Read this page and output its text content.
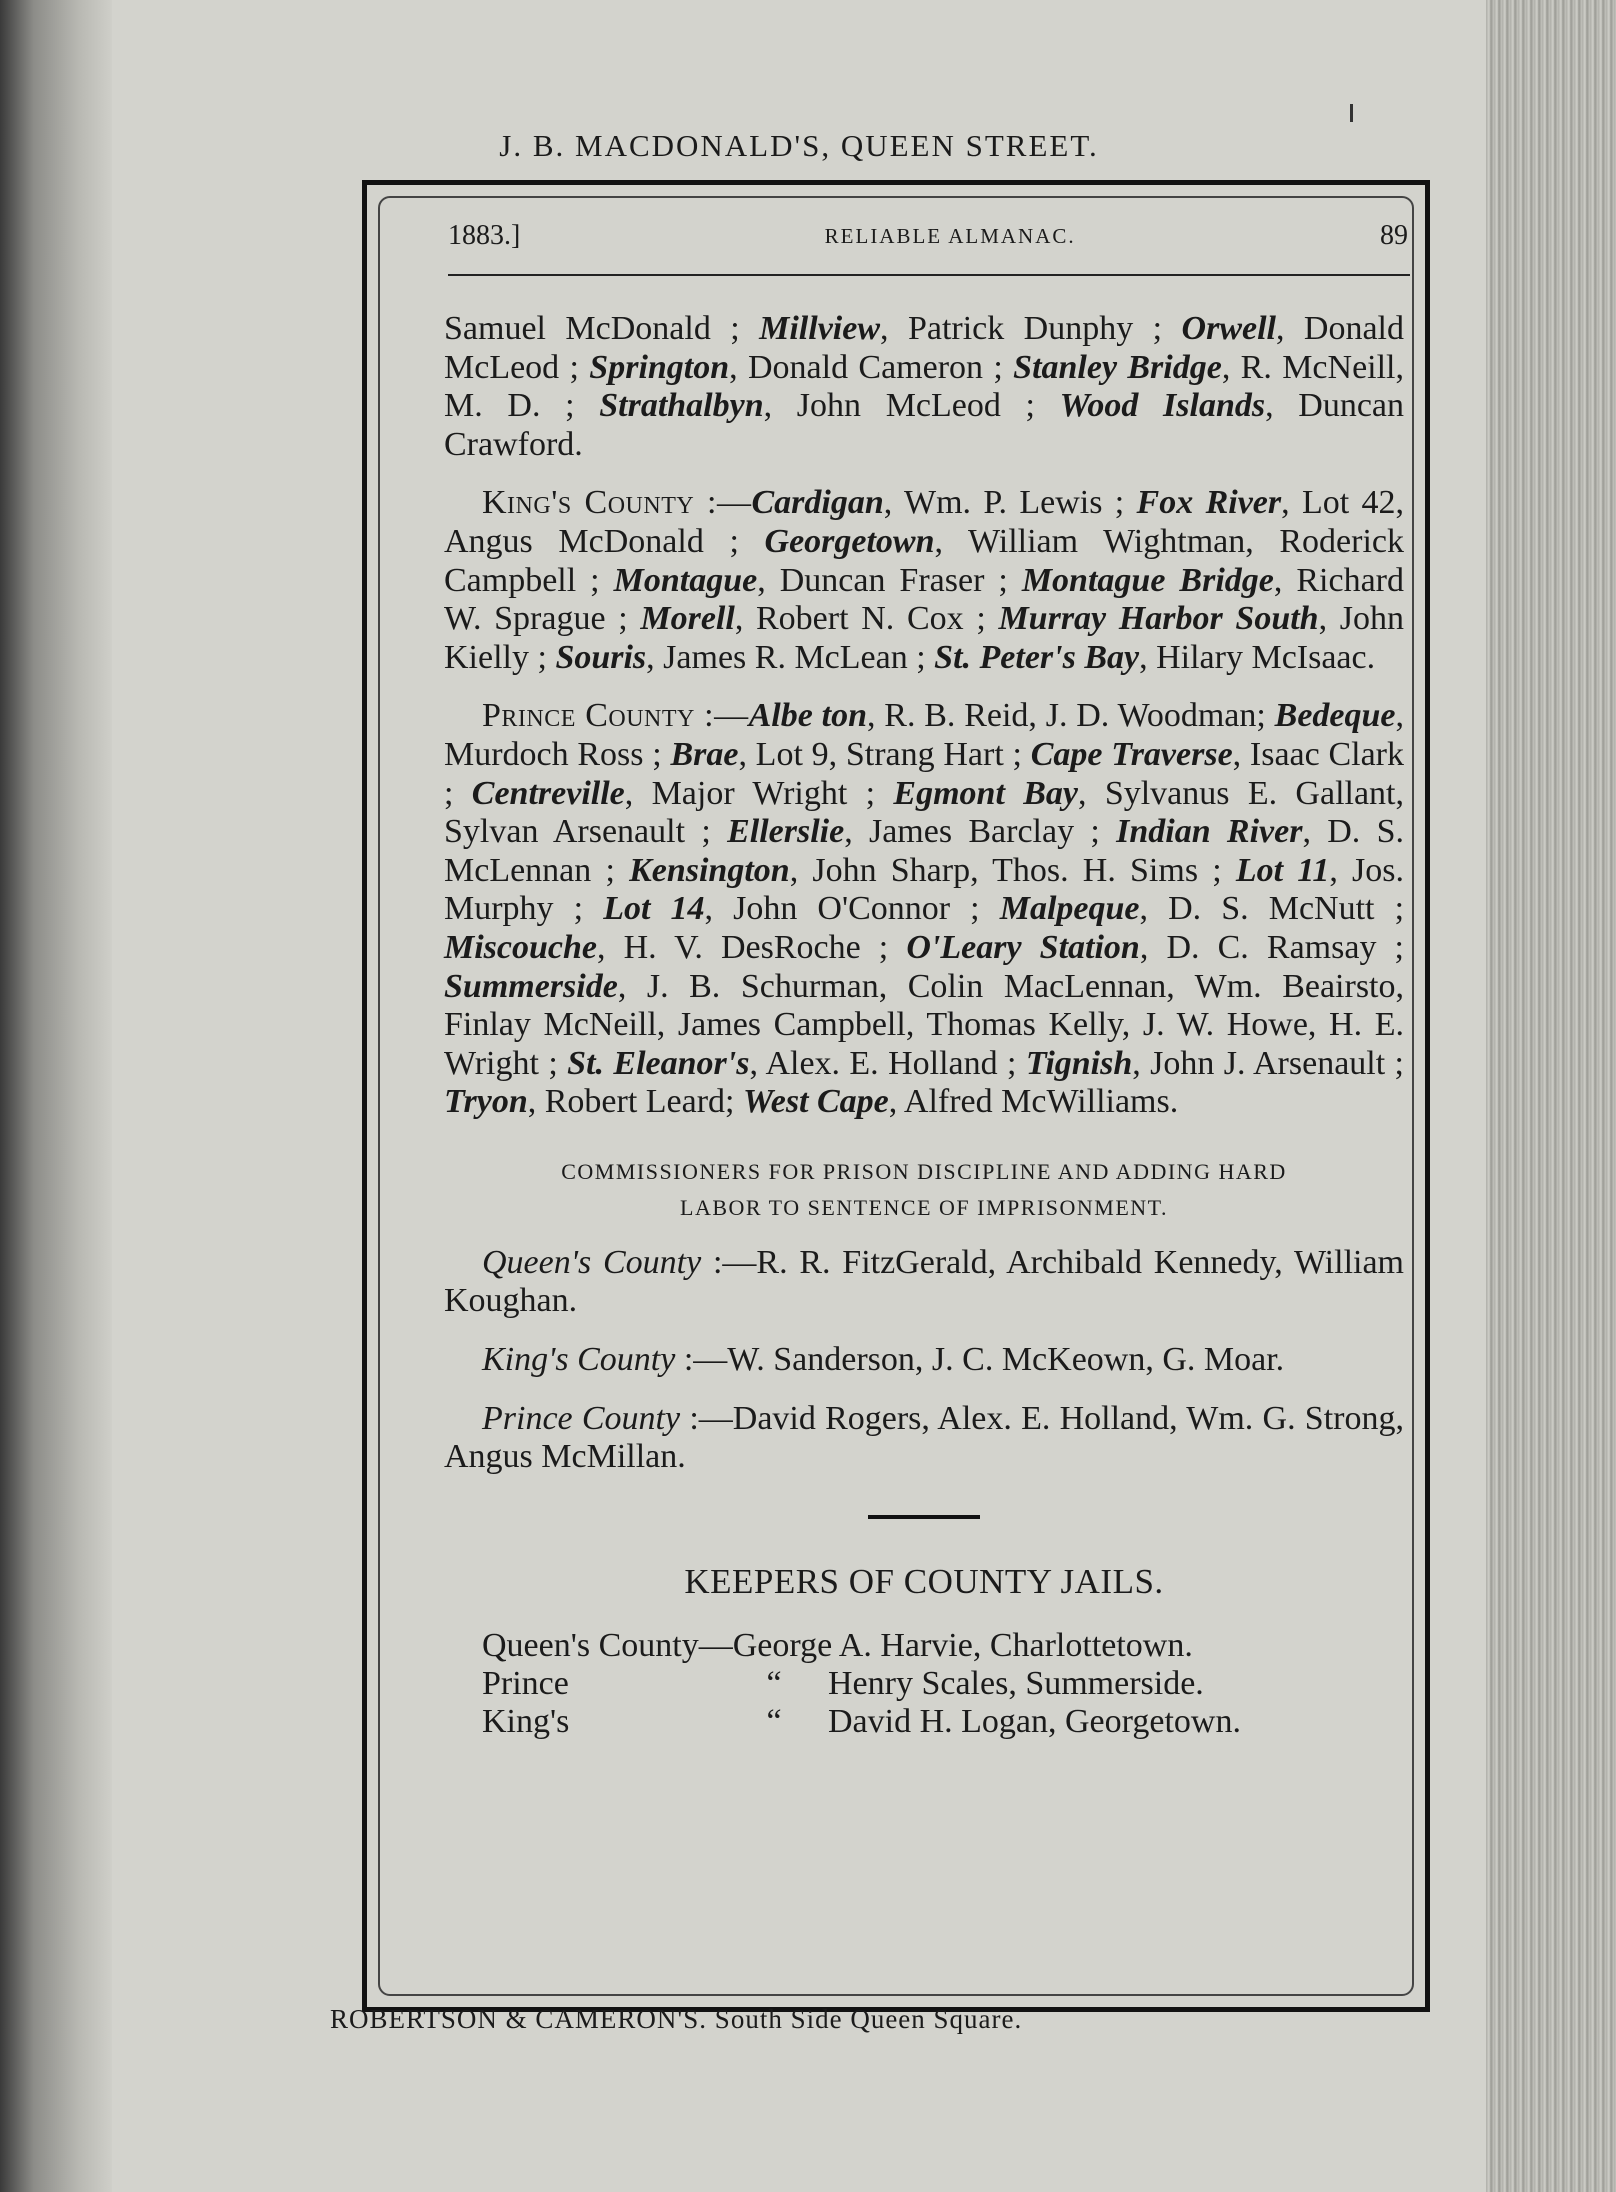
J. B. MACDONALD'S, QUEEN STREET.
1883.]	RELIABLE ALMANAC.	89

Samuel McDonald ; Millview, Patrick Dunphy ; Orwell, Donald McLeod ; Springton, Donald Cameron ; Stanley Bridge, R. McNeill, M. D. ; Strathalbyn, John McLeod ; Wood Islands, Duncan Crawford.

King's County :—Cardigan, Wm. P. Lewis ; Fox River, Lot 42, Angus McDonald ; Georgetown, William Wightman, Roderick Campbell ; Montague, Duncan Fraser ; Montague Bridge, Richard W. Sprague ; Morell, Robert N. Cox ; Murray Harbor South, John Kielly ; Souris, James R. McLean ; St. Peter's Bay, Hilary McIsaac.

Prince County :—Albe ton, R. B. Reid, J. D. Woodman; Bedeque, Murdoch Ross ; Brae, Lot 9, Strang Hart ; Cape Traverse, Isaac Clark ; Centreville, Major Wright ; Egmont Bay, Sylvanus E. Gallant, Sylvan Arsenault ; Ellerslie, James Barclay ; Indian River, D. S. McLennan ; Kensington, John Sharp, Thos. H. Sims ; Lot 11, Jos. Murphy ; Lot 14, John O'Connor ; Malpeque, D. S. McNutt ; Miscouche, H. V. DesRoche ; O'Leary Station, D. C. Ramsay ; Summerside, J. B. Schurman, Colin MacLennan, Wm. Beairsto, Finlay McNeill, James Campbell, Thomas Kelly, J. W. Howe, H. E. Wright ; St. Eleanor's, Alex. E. Holland ; Tignish, John J. Arsenault ; Tryon, Robert Leard; West Cape, Alfred McWilliams.

COMMISSIONERS FOR PRISON DISCIPLINE AND ADDING HARD
LABOR TO SENTENCE OF IMPRISONMENT.

Queen's County :—R. R. FitzGerald, Archibald Kennedy, William Koughan.

King's County :—W. Sanderson, J. C. McKeown, G. Moar.

Prince County :—David Rogers, Alex. E. Holland, Wm. G. Strong, Angus McMillan.

KEEPERS OF COUNTY JAILS.
Queen's County — George A. Harvie, Charlottetown.
Prince	“	Henry Scales, Summerside.
King's	“	David H. Logan, Georgetown.
ROBERTSON & CAMERON'S. South Side Queen Square.
